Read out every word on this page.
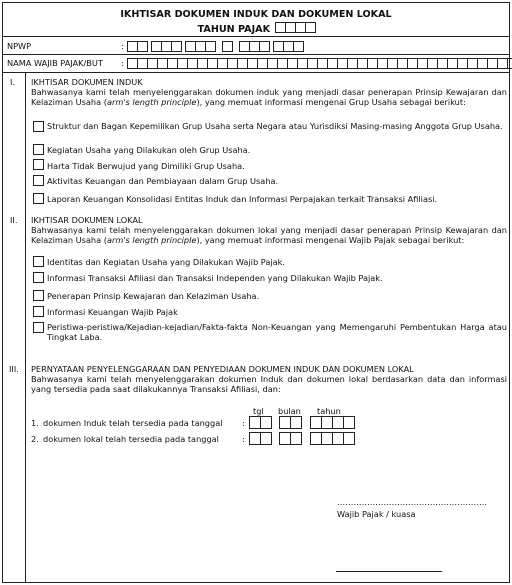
IKHTISAR DOKUMEN INDUK DAN DOKUMEN LOKAL
TAHUN PAJAK
NPWP	:
NAMA WAJIB PAJAK/BUT :
I. IKHTISAR DOKUMEN INDUK
Bahwasanya kami telah menyelenggarakan dokumen induk yang menjadi dasar penerapan Prinsip Kewajaran dan Kelaziman Usaha (arm's length principle), yang memuat informasi mengenai Grup Usaha sebagai berikut:
Struktur dan Bagan Kepemilikan Grup Usaha serta Negara atau Yurisdiksi Masing-masing Anggota Grup Usaha.
Kegiatan Usaha yang Dilakukan oleh Grup Usaha.
Harta Tidak Berwujud yang Dimiliki Grup Usaha.
Aktivitas Keuangan dan Pembiayaan dalam Grup Usaha.
Laporan Keuangan Konsolidasi Entitas Induk dan Informasi Perpajakan terkait Transaksi Afiliasi.
II. IKHTISAR DOKUMEN LOKAL
Bahwasanya kami telah menyelenggarakan dokumen lokal yang menjadi dasar penerapan Prinsip Kewajaran dan Kelaziman Usaha (arm's length principle), yang memuat informasi mengenai Wajib Pajak sebagai berikut:
Identitas dan Kegiatan Usaha yang Dilakukan Wajib Pajak.
Informasi Transaksi Afiliasi dan Transaksi Independen yang Dilakukan Wajib Pajak.
Penerapan Prinsip Kewajaran dan Kelaziman Usaha.
Informasi Keuangan Wajib Pajak
Peristiwa-peristiwa/Kejadian-kejadian/Fakta-fakta Non-Keuangan yang Memengaruhi Pembentukan Harga atau Tingkat Laba.
III. PERNYATAAN PENYELENGGARAAN DAN PENYEDIAAN DOKUMEN INDUK DAN DOKUMEN LOKAL
Bahwasanya kami telah menyelenggarakan dokumen Induk dan dokumen lokal berdasarkan data dan informasi yang tersedia pada saat dilakukannya Transaksi Afiliasi, dan:
tgl bulan tahun
1. dokumen Induk telah tersedia pada tanggal :
2. dokumen lokal telah tersedia pada tanggal	:
……………………………………………….
Wajib Pajak / kuasa
